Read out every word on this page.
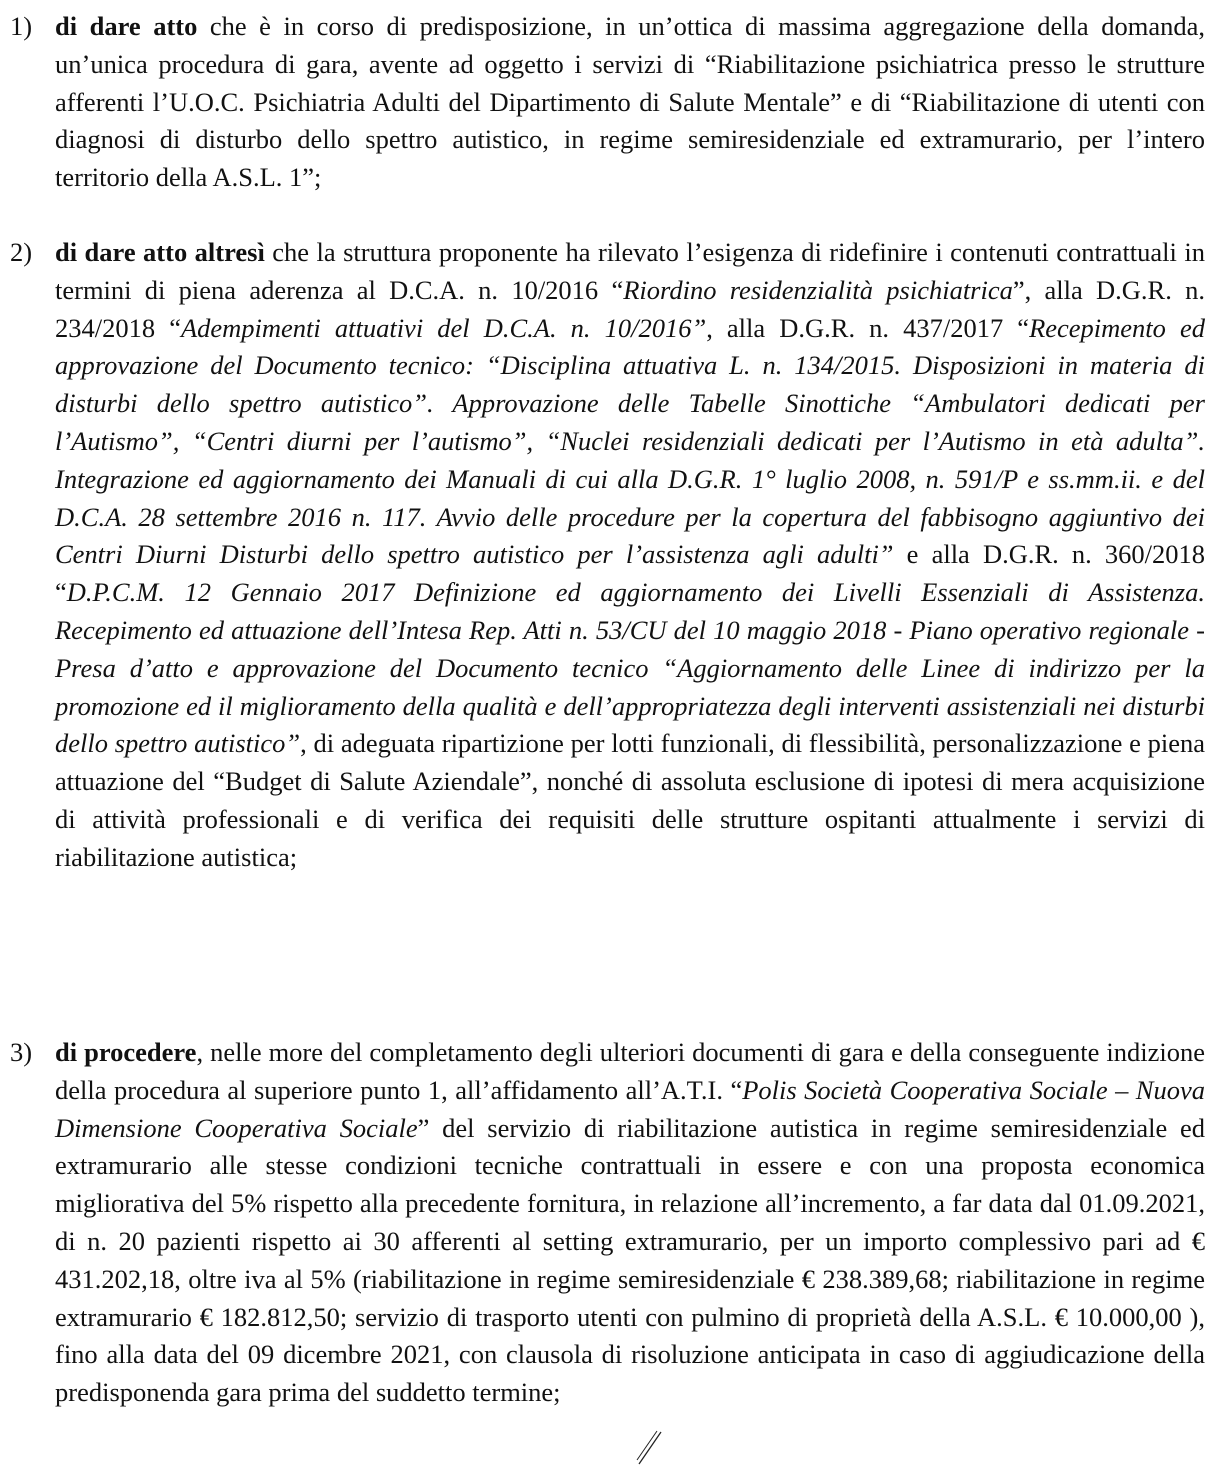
1) di dare atto che è in corso di predisposizione, in un’ottica di massima aggregazione della domanda, un’unica procedura di gara, avente ad oggetto i servizi di “Riabilitazione psichiatrica presso le strutture afferenti l’U.O.C. Psichiatria Adulti del Dipartimento di Salute Mentale” e di “Riabilitazione di utenti con diagnosi di disturbo dello spettro autistico, in regime semiresidenziale ed extramurario, per l’intero territorio della A.S.L. 1”;
2) di dare atto altresì che la struttura proponente ha rilevato l’esigenza di ridefinire i contenuti contrattuali in termini di piena aderenza al D.C.A. n. 10/2016 “Riordino residenzialità psichiatrica”, alla D.G.R. n. 234/2018 “Adempimenti attuativi del D.C.A. n. 10/2016”, alla D.G.R. n. 437/2017 “Recepimento ed approvazione del Documento tecnico: “Disciplina attuativa L. n. 134/2015. Disposizioni in materia di disturbi dello spettro autistico”. Approvazione delle Tabelle Sinottiche “Ambulatori dedicati per l’Autismo”, “Centri diurni per l’autismo”, “Nuclei residenziali dedicati per l’Autismo in età adulta”. Integrazione ed aggiornamento dei Manuali di cui alla D.G.R. 1° luglio 2008, n. 591/P e ss.mm.ii. e del D.C.A. 28 settembre 2016 n. 117. Avvio delle procedure per la copertura del fabbisogno aggiuntivo dei Centri Diurni Disturbi dello spettro autistico per l’assistenza agli adulti” e alla D.G.R. n. 360/2018 “D.P.C.M. 12 Gennaio 2017 Definizione ed aggiornamento dei Livelli Essenziali di Assistenza. Recepimento ed attuazione dell’Intesa Rep. Atti n. 53/CU del 10 maggio 2018 - Piano operativo regionale - Presa d’atto e approvazione del Documento tecnico “Aggiornamento delle Linee di indirizzo per la promozione ed il miglioramento della qualità e dell’appropriatezza degli interventi assistenziali nei disturbi dello spettro autistico”, di adeguata ripartizione per lotti funzionali, di flessibilità, personalizzazione e piena attuazione del “Budget di Salute Aziendale”, nonché di assoluta esclusione di ipotesi di mera acquisizione di attività professionali e di verifica dei requisiti delle strutture ospitanti attualmente i servizi di riabilitazione autistica;
3) di procedere, nelle more del completamento degli ulteriori documenti di gara e della conseguente indizione della procedura al superiore punto 1, all’affidamento all’A.T.I. “Polis Società Cooperativa Sociale – Nuova Dimensione Cooperativa Sociale” del servizio di riabilitazione autistica in regime semiresidenziale ed extramurario alle stesse condizioni tecniche contrattuali in essere e con una proposta economica migliorativa del 5% rispetto alla precedente fornitura, in relazione all’incremento, a far data dal 01.09.2021, di n. 20 pazienti rispetto ai 30 afferenti al setting extramurario, per un importo complessivo pari ad € 431.202,18, oltre iva al 5% (riabilitazione in regime semiresidenziale € 238.389,68; riabilitazione in regime extramurario € 182.812,50; servizio di trasporto utenti con pulmino di proprietà della A.S.L. € 10.000,00 ), fino alla data del 09 dicembre 2021, con clausola di risoluzione anticipata in caso di aggiudicazione della predisponenda gara prima del suddetto termine;
